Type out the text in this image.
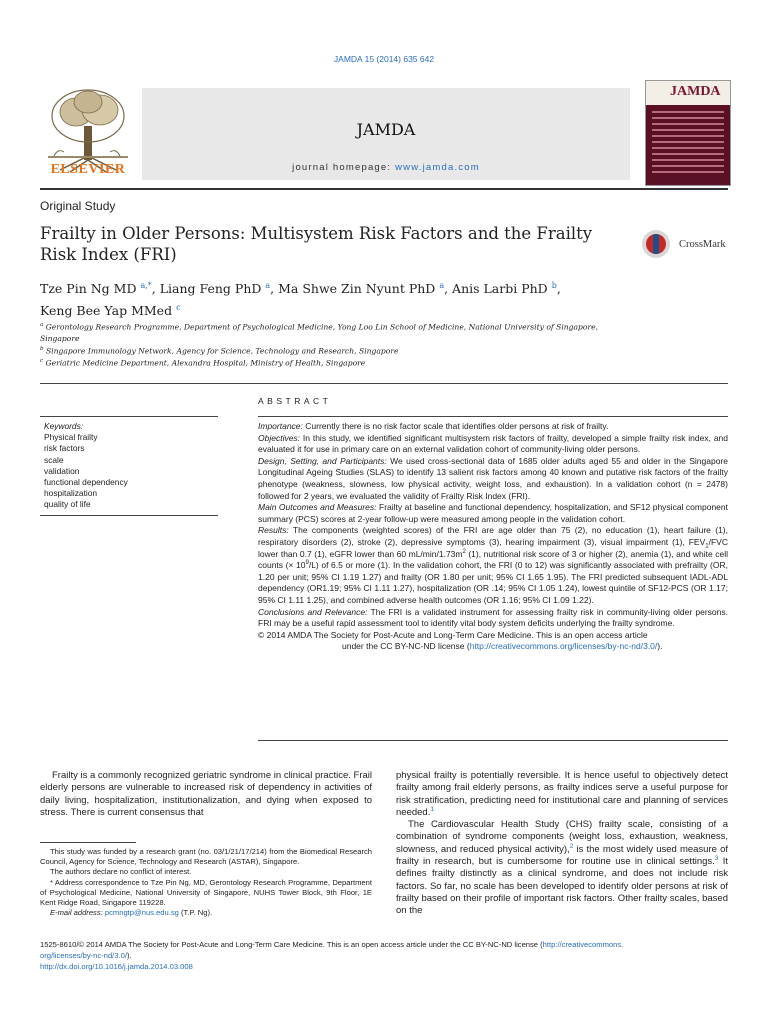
JAMDA 15 (2014) 635 642
ELSEVIER
JAMDA
journal homepage: www.jamda.com
JAMDA
Original Study
Frailty in Older Persons: Multisystem Risk Factors and the Frailty Risk Index (FRI)
CrossMark
Tze Pin Ng MD $^{a,*}$, Liang Feng PhD $^a$, Ma Shwe Zin Nyunt PhD $^a$, Anis Larbi PhD $^b$,
Keng Bee Yap MMed $^c$
$^a$ Gerontology Research Programme, Department of Psychological Medicine, Yong Loo Lin School of Medicine, National University of Singapore, Singapore
$^b$ Singapore Immunology Network, Agency for Science, Technology and Research, Singapore
$^c$ Geriatric Medicine Department, Alexandra Hospital, Ministry of Health, Singapore
Keywords:
Physical frailty
risk factors
scale
validation
functional dependency
hospitalization
quality of life
ABSTRACT

Importance: Currently there is no risk factor scale that identifies older persons at risk of frailty.

Objectives: In this study, we identified significant multisystem risk factors of frailty, developed a simple frailty risk index, and evaluated it for use in primary care on an external validation cohort of community-living older persons.

Design, Setting, and Participants: We used cross-sectional data of 1685 older adults aged 55 and older in the Singapore Longitudinal Ageing Studies (SLAS) to identify 13 salient risk factors among 40 known and putative risk factors of the frailty phenotype (weakness, slowness, low physical activity, weight loss, and exhaustion). In a validation cohort (n = 2478) followed for 2 years, we evaluated the validity of Frailty Risk Index (FRI).

Main Outcomes and Measures: Frailty at baseline and functional dependency, hospitalization, and SF12 physical component summary (PCS) scores at 2-year follow-up were measured among people in the validation cohort.

Results: The components (weighted scores) of the FRI are age older than 75 (2), no education (1), heart failure (1), respiratory disorders (2), stroke (2), depressive symptoms (3), hearing impairment (3), visual impairment (1), $FEV_1$/FVC lower than 0.7 (1), eGFR lower than 60 $mL/\min/1.73m^2$ (1), nutritional risk score of 3 or higher (2), anemia (1), and white cell counts (× $10^9/L$) of 6.5 or more (1). In the validation cohort, the FRI (0 to 12) was significantly associated with prefrailty (OR, 1.20 per unit; 95% CI 1.19 1.27) and frailty (OR 1.80 per unit; 95% CI 1.65 1.95). The FRI predicted subsequent IADL-ADL dependency (OR1.19; 95% CI 1.11 1.27), hospitalization (OR .14; 95% CI 1.05 1.24), lowest quintile of SF12-PCS (OR 1.17; 95% CI 1.11 1.25), and combined adverse health outcomes (OR 1.16; 95% CI 1.09 1.22).

Conclusions and Relevance: The FRI is a validated instrument for assessing frailty risk in community-living older persons. FRI may be a useful rapid assessment tool to identify vital body system deficits underlying the frailty syndrome.

© 2014 AMDA The Society for Post-Acute and Long-Term Care Medicine. This is an open access article

under the CC BY-NC-ND license (http://creativecommons.org/licenses/by-nc-nd/3.0/).

Frailty is a commonly recognized geriatric syndrome in clinical practice. Frail elderly persons are vulnerable to increased risk of dependency in activities of daily living, hospitalization, institutionalization, and dying when exposed to stress. There is current consensus that

physical frailty is potentially reversible. It is hence useful to objectively detect frailty among frail elderly persons, as frailty indices serve a useful purpose for risk stratification, predicting need for institutional care and planning of services needed.$^1$

The Cardiovascular Health Study (CHS) frailty scale, consisting of a combination of syndrome components (weight loss, exhaustion, weakness, slowness, and reduced physical activity),$^2$ is the most widely used measure of frailty in research, but is cumbersome for routine use in clinical settings.$^3$ It defines frailty distinctly as a clinical syndrome, and does not include risk factors. So far, no scale has been developed to identify older persons at risk of frailty based on their profile of important risk factors. Other frailty scales, based on the

This study was funded by a research grant (no. 03/1/21/17/214) from the Biomedical Research Council, Agency for Science, Technology and Research (ASTAR), Singapore.

The authors declare no conflict of interest.

* Address correspondence to Tze Pin Ng, MD, Gerontology Research Programme, Department of Psychological Medicine, National University of Singapore, NUHS Tower Block, 9th Floor, 1E Kent Ridge Road, Singapore 119228.

E-mail address: pcmngtp@nus.edu.sg (T.P. Ng).

1525-8610/© 2014 AMDA The Society for Post-Acute and Long-Term Care Medicine. This is an open access article under the CC BY-NC-ND license (http://creativecommons.
org/licenses/by-nc-nd/3.0/).
http://dx.doi.org/10.1016/j.jamda.2014.03.008
